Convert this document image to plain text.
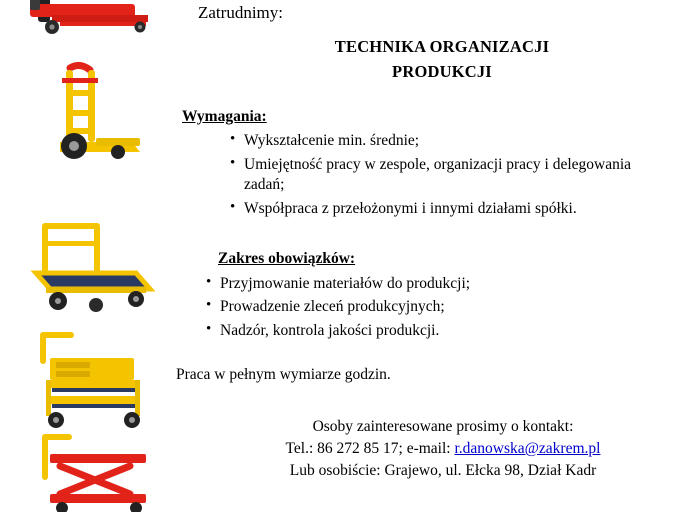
Zatrudnimy:

TECHNIKA ORGANIZACJI
PRODUKCJI
Wymagania:
• Wykształcenie min. średnie;
• Umiejętność pracy w zespole, organizacji pracy i delegowania
zadań;
• Współpraca z przełożonymi i innymi działami spółki.
Zakres obowiązków:
• Przyjmowanie materiałów do produkcji;
• Prowadzenie zleceń produkcyjnych;
• Nadzór, kontrola jakości produkcji.
Praca w pełnym wymiarze godzin.
Osoby zainteresowane prosimy o kontakt:
Tel.: 86 272 85 17; e-mail: r.danowska@zakrem.pl
Lub osobiście: Grajewo, ul. Ełcka 98, Dział Kadr
